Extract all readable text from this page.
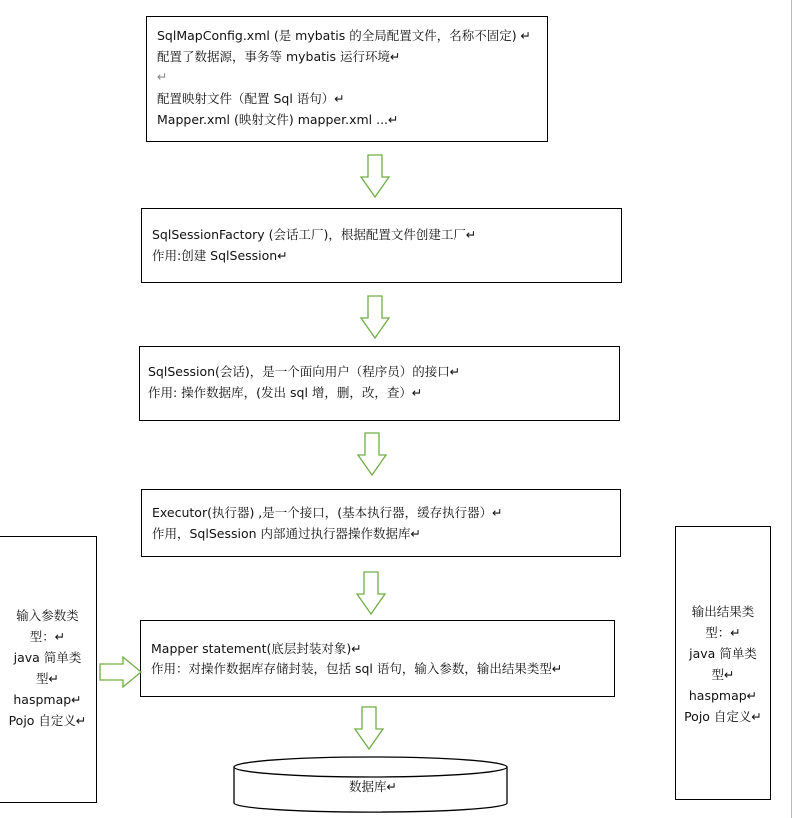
SqlMapConfig.xml (是 mybatis 的全局配置文件，名称不固定) ↵
配置了数据源，事务等 mybatis 运行环境↵
↵
配置映射文件（配置 Sql 语句）↵
Mapper.xml (映射文件) mapper.xml ...↵
SqlSessionFactory (会话工厂)，根据配置文件创建工厂↵
作用:创建 SqlSession↵
SqlSession(会话)，是一个面向用户（程序员）的接口↵
作用: 操作数据库，(发出 sql 增，删，改，查）↵
Executor(执行器) ,是一个接口，(基本执行器，缓存执行器）↵
作用，SqlSession 内部通过执行器操作数据库↵
Mapper statement(底层封装对象)↵
作用：对操作数据库存储封装，包括 sql 语句，输入参数，输出结果类型↵
输入参数类
型：↵
java 简单类
型↵
haspmap↵
Pojo 自定义↵
输出结果类
型：↵
java 简单类
型↵
haspmap↵
Pojo 自定义↵
数据库↵
